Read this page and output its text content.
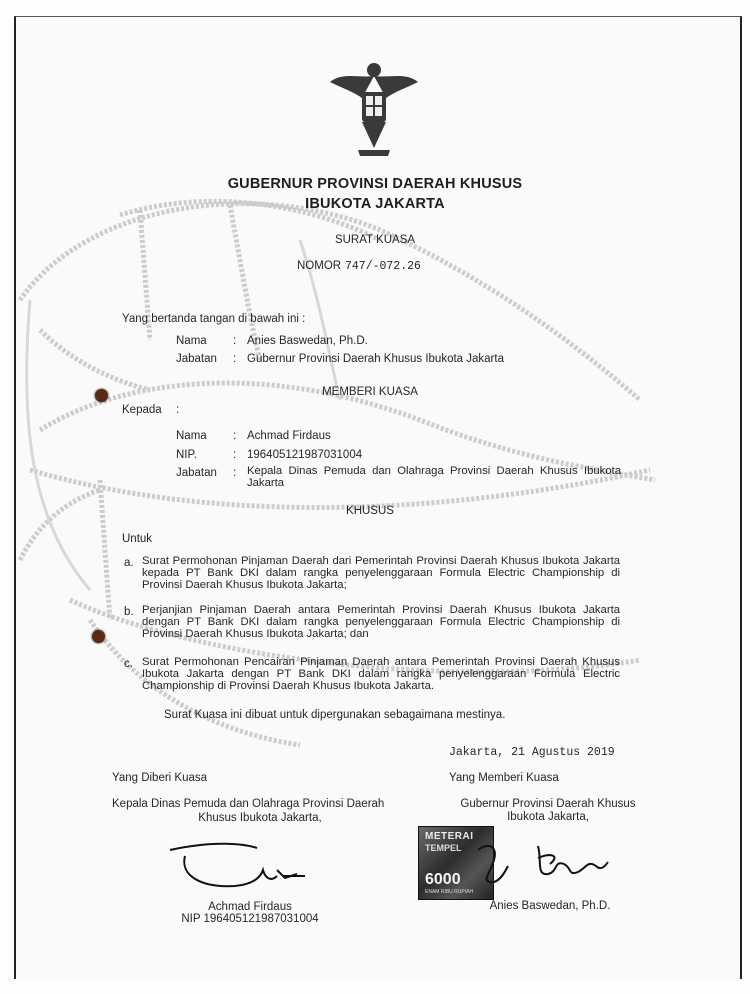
GUBERNUR PROVINSI DAERAH KHUSUS
IBUKOTA JAKARTA
SURAT KUASA
NOMOR 747/-072.26
Yang bertanda tangan di bawah ini :
Nama : Anies Baswedan, Ph.D.
Jabatan : Gubernur Provinsi Daerah Khusus Ibukota Jakarta
MEMBERI KUASA
Kepada :
Nama : Achmad Firdaus
NIP.	: 196405121987031004
Jabatan : Kepala Dinas Pemuda dan Olahraga Provinsi Daerah Khusus Ibukota Jakarta
KHUSUS
Untuk
a. Surat Permohonan Pinjaman Daerah dari Pemerintah Provinsi Daerah Khusus Ibukota Jakarta kepada PT Bank DKI dalam rangka penyelenggaraan Formula Electric Championship di Provinsi Daerah Khusus Ibukota Jakarta;
b. Perjanjian Pinjaman Daerah antara Pemerintah Provinsi Daerah Khusus Ibukota Jakarta dengan PT Bank DKI dalam rangka penyelenggaraan Formula Electric Championship di Provinsi Daerah Khusus Ibukota Jakarta; dan
c. Surat Permohonan Pencairan Pinjaman Daerah antara Pemerintah Provinsi Daerah Khusus Ibukota Jakarta dengan PT Bank DKI dalam rangka penyelenggaraan Formula Electric Championship di Provinsi Daerah Khusus Ibukota Jakarta.
Surat Kuasa ini dibuat untuk dipergunakan sebagaimana mestinya.
Jakarta, 21 Agustus 2019
Yang Diberi Kuasa
Kepala Dinas Pemuda dan Olahraga Provinsi Daerah
Khusus Ibukota Jakarta,
Achmad Firdaus
NIP 196405121987031004
Yang Memberi Kuasa
Gubernur Provinsi Daerah Khusus
Ibukota Jakarta,
METERAI
TEMPEL
6000
ENAM RIBU RUPIAH
Anies Baswedan, Ph.D.
